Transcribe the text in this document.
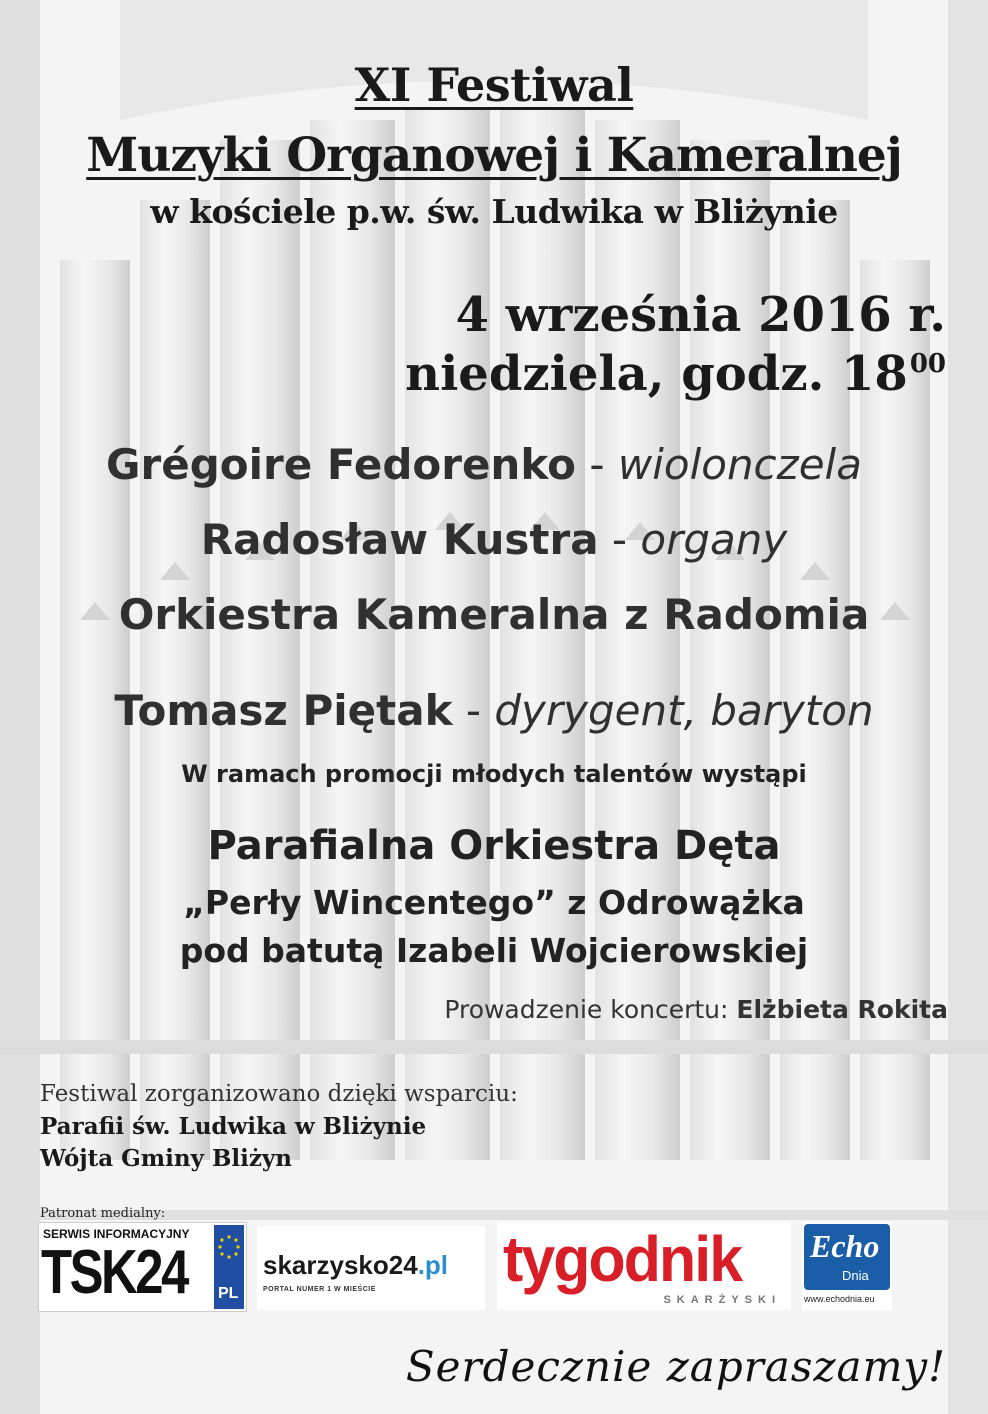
XI Festiwal
Muzyki Organowej i Kameralnej
w kościele p.w. św. Ludwika w Bliżynie
4 września 2016 r.
niedziela, godz. $18^{00}$
Grégoire Fedorenko - wiolonczela
Radosław Kustra - organy
Orkiestra Kameralna z Radomia
Tomasz Piętak - dyrygent, baryton
W ramach promocji młodych talentów wystąpi
Parafialna Orkiestra Dęta
„Perły Wincentego” z Odrowążka
pod batutą Izabeli Wojcierowskiej
Prowadzenie koncertu: Elżbieta Rokita
Festiwal zorganizowano dzięki wsparciu:
Parafii św. Ludwika w Bliżynie
Wójta Gminy Bliżyn
Patronat medialny:
SERWIS INFORMACYJNY
TSK24 PL
skarzysko24.pl
PORTAL NUMER 1 W MIEŚCIE tygodnik
SKARŻYSKI
Echo
Dnia
www.echodnia.eu
Serdecznie zapraszamy!
